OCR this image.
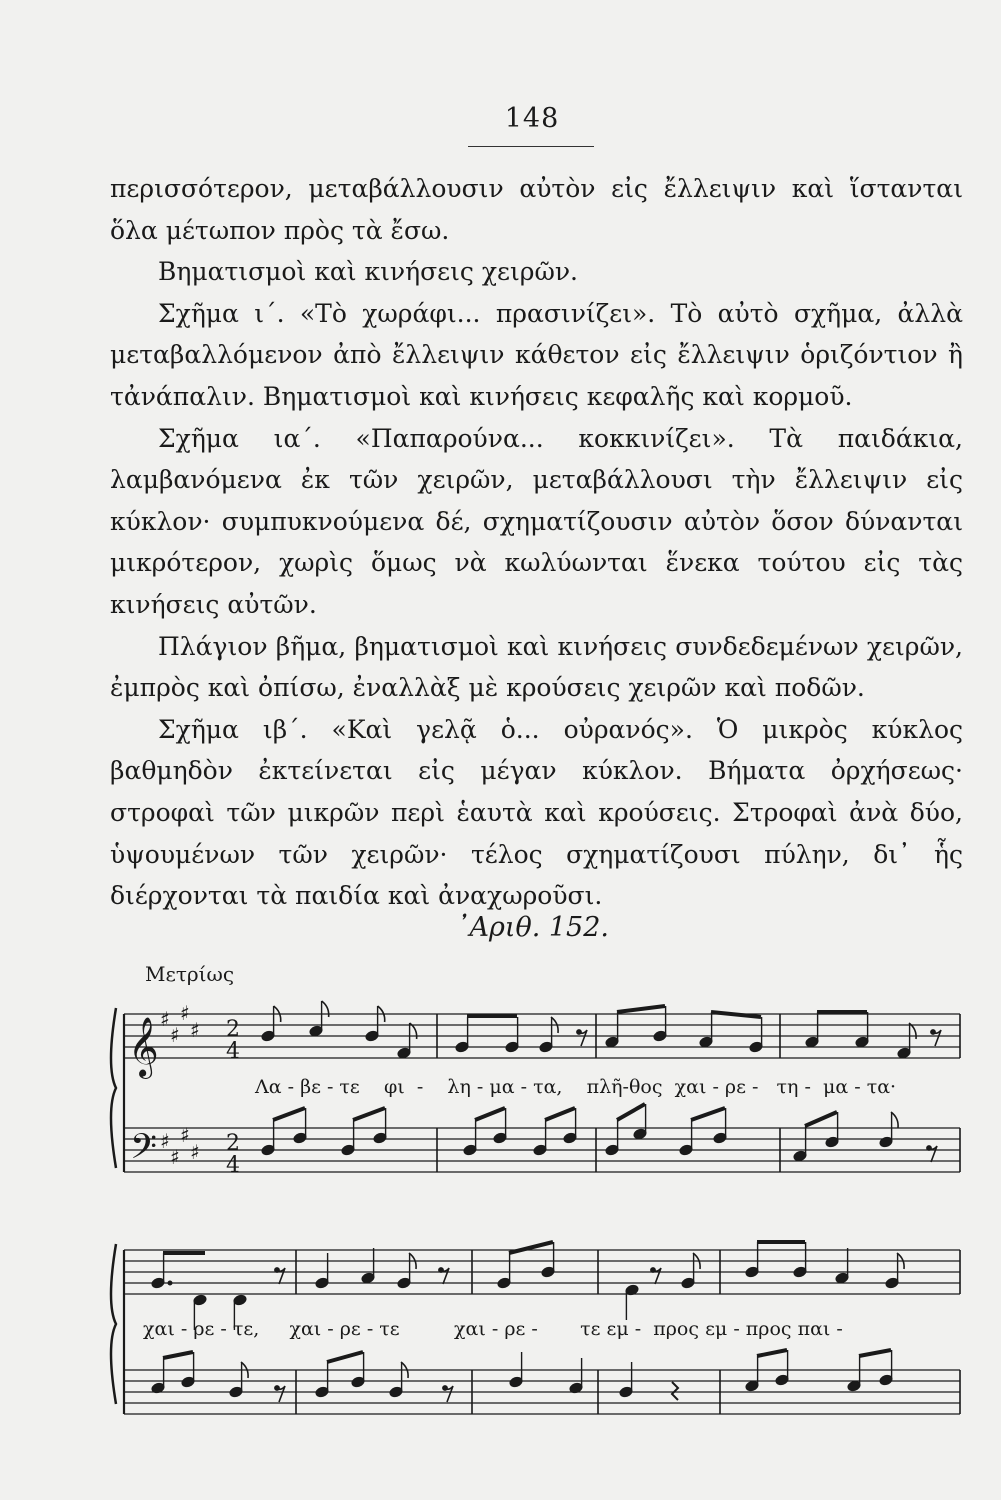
148

περισσότερον, μεταβάλλουσιν αὐτὸν εἰς ἔλλειψιν καὶ ἵστανται ὅλα μέτωπον πρὸς τὰ ἔσω.

Βηματισμοὶ καὶ κινήσεις χειρῶν.

Σχῆμα ι΄. «Τὸ χωράφι... πρασινίζει». Τὸ αὐτὸ σχῆμα, ἀλλὰ μεταβαλλόμενον ἀπὸ ἔλλειψιν κάθετον εἰς ἔλλειψιν ὁριζόντιον ἢ τἀνάπαλιν. Βηματισμοὶ καὶ κινήσεις κεφαλῆς καὶ κορμοῦ.

Σχῆμα ια΄. «Παπαρούνα... κοκκινίζει». Τὰ παιδάκια, λαμβανόμενα ἐκ τῶν χειρῶν, μεταβάλλουσι τὴν ἔλλειψιν εἰς κύκλον· συμπυκνούμενα δέ, σχηματίζουσιν αὐτὸν ὅσον δύνανται μικρότερον, χωρὶς ὅμως νὰ κωλύωνται ἕνεκα τούτου εἰς τὰς κινήσεις αὐτῶν.

Πλάγιον βῆμα, βηματισμοὶ καὶ κινήσεις συνδεδεμένων χειρῶν, ἐμπρὸς καὶ ὀπίσω, ἐναλλὰξ μὲ κρούσεις χειρῶν καὶ ποδῶν.

Σχῆμα ιβ΄. «Καὶ γελᾷ ὁ... οὐρανός». Ὁ μικρὸς κύκλος βαθμηδὸν ἐκτείνεται εἰς μέγαν κύκλον. Βήματα ὀρχήσεως· στροφαὶ τῶν μικρῶν περὶ ἑαυτὰ καὶ κρούσεις. Στροφαὶ ἀνὰ δύο, ὑψουμένων τῶν χειρῶν· τέλος σχηματίζουσι πύλην, δι᾽ ἧς διέρχονται τὰ παιδία καὶ ἀναχωροῦσι.

᾿Αριθ. 152.
Μετρίως
𝄞
𝄢
♯
♯
♯
♯
♯
♯
♯
♯
2
4
2
4
Λα - βε - τε φι - λη - μα - τα, πλῆ-θος χαι - ρε - τη - μα - τα·
χαι - ρε - τε, χαι - ρε - τε	χαι - ρε - τε εμ - προς εμ - προς παι -
